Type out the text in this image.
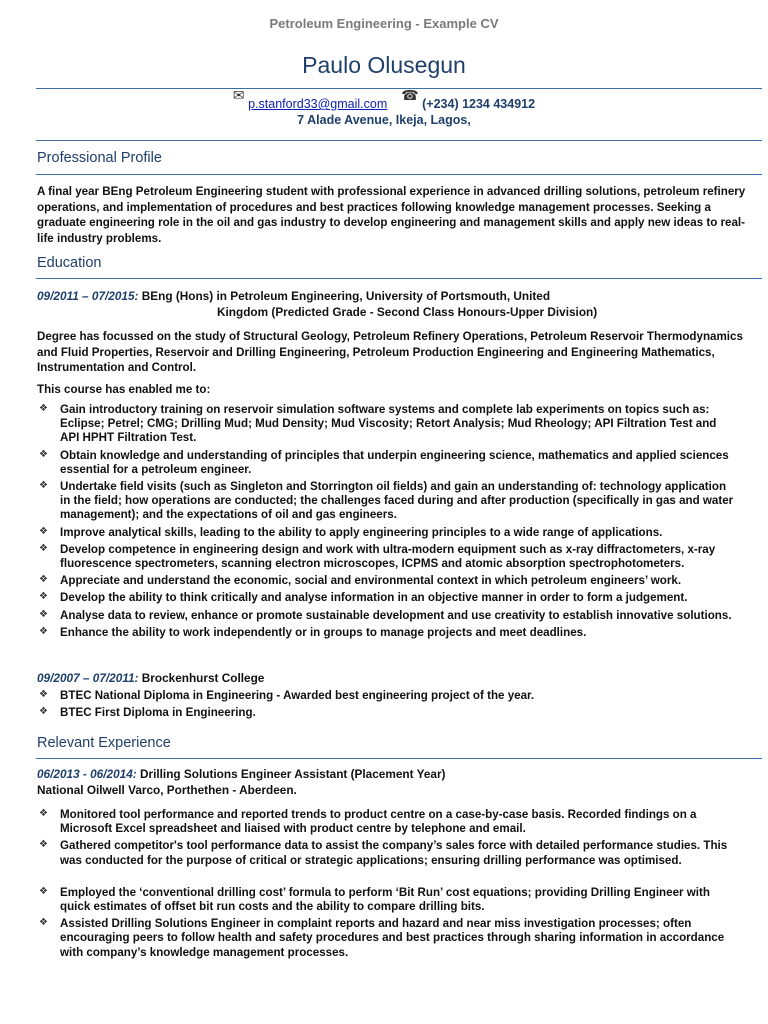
Petroleum Engineering - Example CV
Paulo Olusegun
✉ p.stanford33@gmail.com    ☎ (+234) 1234 434912
7 Alade Avenue, Ikeja, Lagos,
Professional Profile
A final year BEng Petroleum Engineering student with professional experience in advanced drilling solutions, petroleum refinery operations, and implementation of procedures and best practices following knowledge management processes. Seeking a graduate engineering role in the oil and gas industry to develop engineering and management skills and apply new ideas to real-life industry problems.
Education
09/2011 – 07/2015: BEng (Hons) in Petroleum Engineering, University of Portsmouth, United
Kingdom (Predicted Grade - Second Class Honours-Upper Division)
Degree has focussed on the study of Structural Geology, Petroleum Refinery Operations, Petroleum Reservoir Thermodynamics and Fluid Properties, Reservoir and Drilling Engineering, Petroleum Production Engineering and Engineering Mathematics, Instrumentation and Control.
This course has enabled me to:
❖ Gain introductory training on reservoir simulation software systems and complete lab experiments on topics such as: Eclipse; Petrel; CMG; Drilling Mud; Mud Density; Mud Viscosity; Retort Analysis; Mud Rheology; API Filtration Test and API HPHT Filtration Test.
❖ Obtain knowledge and understanding of principles that underpin engineering science, mathematics and applied sciences essential for a petroleum engineer.
❖ Undertake field visits (such as Singleton and Storrington oil fields) and gain an understanding of: technology application in the field; how operations are conducted; the challenges faced during and after production (specifically in gas and water management); and the expectations of oil and gas engineers.
❖ Improve analytical skills, leading to the ability to apply engineering principles to a wide range of applications.
❖ Develop competence in engineering design and work with ultra-modern equipment such as x-ray diffractometers, x-ray fluorescence spectrometers, scanning electron microscopes, ICPMS and atomic absorption spectrophotometers.
❖ Appreciate and understand the economic, social and environmental context in which petroleum engineers’ work.
❖ Develop the ability to think critically and analyse information in an objective manner in order to form a judgement.
❖ Analyse data to review, enhance or promote sustainable development and use creativity to establish innovative solutions.
❖ Enhance the ability to work independently or in groups to manage projects and meet deadlines.
09/2007 – 07/2011: Brockenhurst College
❖ BTEC National Diploma in Engineering - Awarded best engineering project of the year.
❖ BTEC First Diploma in Engineering.
Relevant Experience
06/2013 - 06/2014: Drilling Solutions Engineer Assistant (Placement Year)
National Oilwell Varco, Porthethen - Aberdeen.
❖ Monitored tool performance and reported trends to product centre on a case-by-case basis. Recorded findings on a Microsoft Excel spreadsheet and liaised with product centre by telephone and email.
❖ Gathered competitor's tool performance data to assist the company’s sales force with detailed performance studies. This was conducted for the purpose of critical or strategic applications; ensuring drilling performance was optimised.
❖ Employed the ‘conventional drilling cost’ formula to perform ‘Bit Run’ cost equations; providing Drilling Engineer with quick estimates of offset bit run costs and the ability to compare drilling bits.
❖ Assisted Drilling Solutions Engineer in complaint reports and hazard and near miss investigation processes; often encouraging peers to follow health and safety procedures and best practices through sharing information in accordance with company’s knowledge management processes.
